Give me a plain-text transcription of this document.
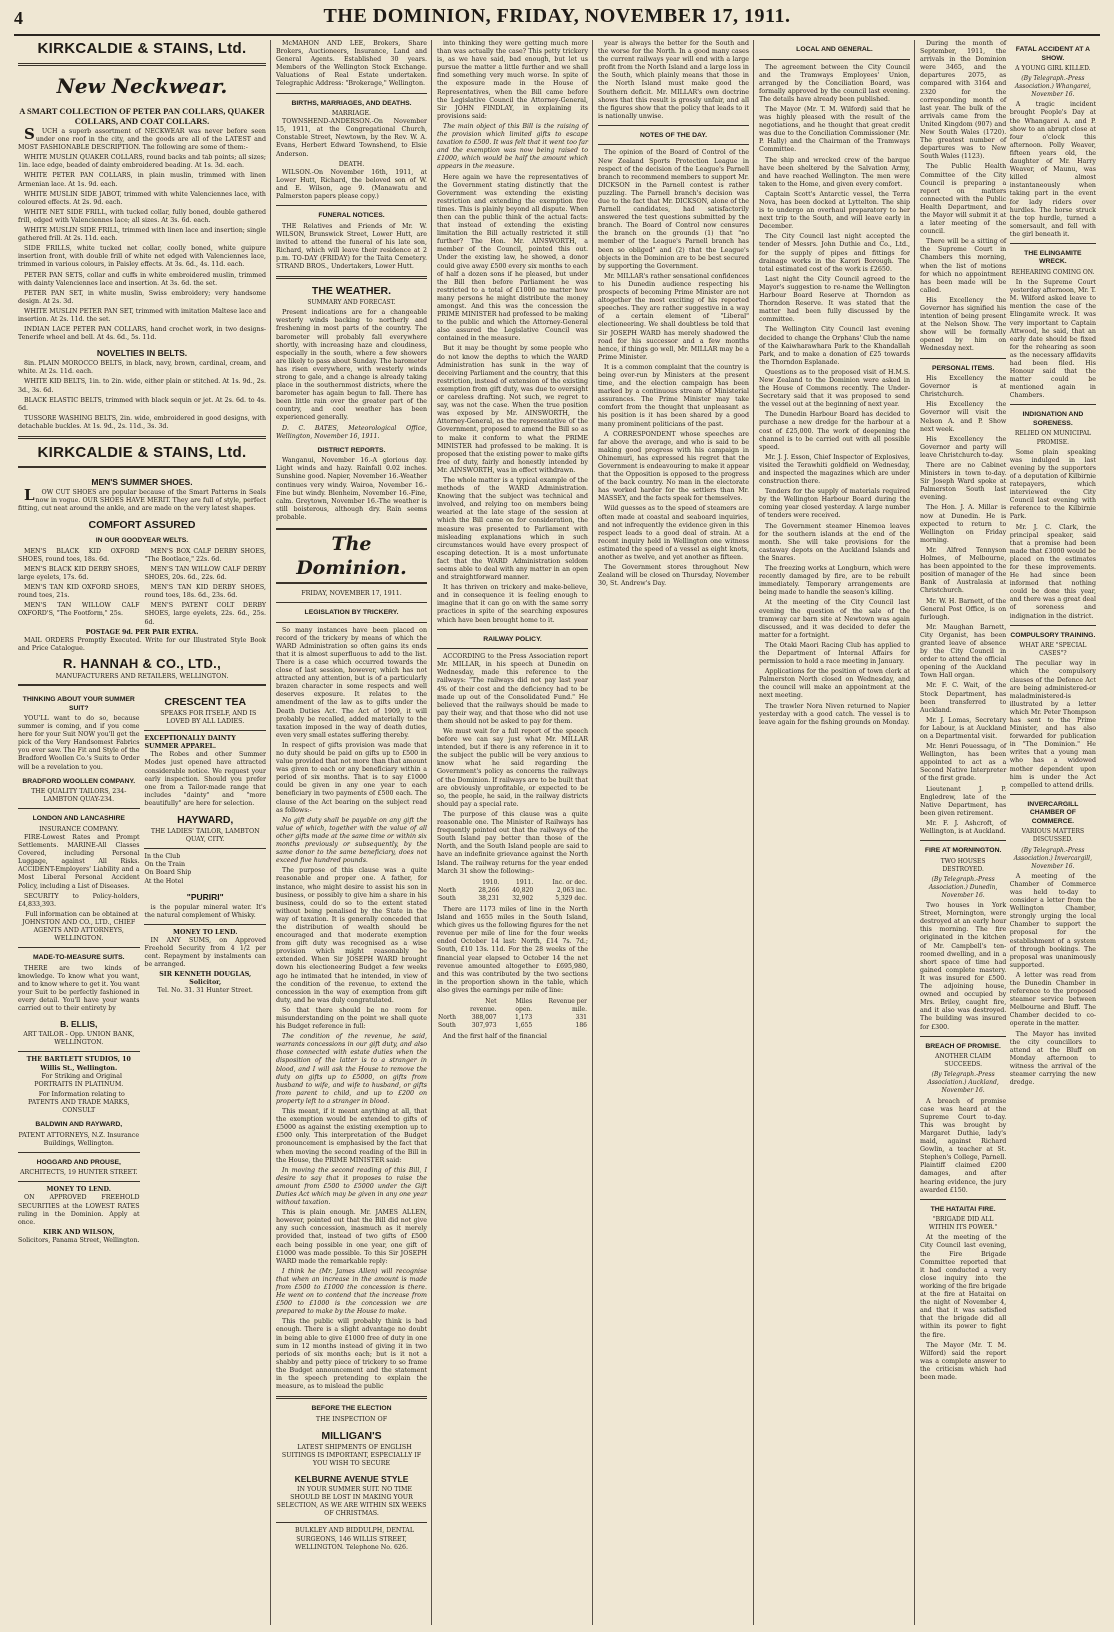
4	THE DOMINION, FRIDAY, NOVEMBER 17, 1911.
KIRKCALDIE & STAINS, Ltd.
New Neckwear.
A SMART COLLECTION OF PETER PAN COLLARS, QUAKER COLLARS, AND COAT COLLARS.

SUCH a superb assortment of NECKWEAR was never before seen under one roof in the city, and the goods are all of the LATEST and MOST FASHIONABLE DESCRIPTION. The following are some of them:-

WHITE MUSLIN QUAKER COLLARS, round backs and tab points; all sizes; 1in. lace edge, beaded of dainty embroidered beading. At 1s. 3d. each.

WHITE PETER PAN COLLARS, in plain muslin, trimmed with linen Armenian lace. At 1s. 9d. each.

WHITE MUSLIN SIDE JABOT, trimmed with white Valenciennes lace, with coloured effects. At 2s. 9d. each.

WHITE NET SIDE FRILL, with tucked collar, fully boned, double gathered frill, edged with Valenciennes lace; all sizes. At 3s. 6d. each.

WHITE MUSLIN SIDE FRILL, trimmed with linen lace and insertion; single gathered frill. At 2s. 11d. each.

SIDE FRILLS, white tucked net collar, coolly boned, white guipure insertion front, with double frill of white net edged with Valenciennes lace, trimmed in various colours, in Paisley effects. At 3s. 6d., 4s. 11d. each.

PETER PAN SETS, collar and cuffs in white embroidered muslin, trimmed with dainty Valenciennes lace and insertion. At 3s. 6d. the set.

PETER PAN SET, in white muslin, Swiss embroidery; very handsome design. At 2s. 3d.

WHITE MUSLIN PETER PAN SET, trimmed with imitation Maltese lace and insertion. At 2s. 11d. the set.

INDIAN LACE PETER PAN COLLARS, hand crochet work, in two designs-Tenerife wheel and bell. At 4s. 6d., 5s. 11d.

NOVELTIES IN BELTS.

8in. PLAIN MOROCCO BELTS, in black, navy, brown, cardinal, cream, and white. At 2s. 11d. each.

WHITE KID BELTS, 1in. to 2in. wide, either plain or stitched. At 1s. 9d., 2s. 3d., 3s. 6d.

BLACK ELASTIC BELTS, trimmed with black sequin or jet. At 2s. 6d. to 4s. 6d.

TUSSORE WASHING BELTS, 2in. wide, embroidered in good designs, with detachable buckles. At 1s. 9d., 2s. 11d., 3s. 3d.

KIRKCALDIE & STAINS, Ltd.
MEN'S SUMMER SHOES.

LOW CUT SHOES are popular because of the Smart Patterns in Seals now in vogue. OUR SHOES HAVE MERIT. They are full of style, perfect fitting, cut neat around the ankle, and are made on the very latest shapes.

COMFORT ASSURED
IN OUR GOODYEAR WELTS.

MEN'S BLACK KID OXFORD SHOES, round toes, 18s. 6d.

MEN'S BLACK KID DERBY SHOES, large eyelets, 17s. 6d.

MEN'S TAN KID OXFORD SHOES, round toes, 21s.

MEN'S TAN WILLOW CALF OXFORD'S, "The Footform," 25s.

MEN'S BOX CALF DERBY SHOES, "The Bootlace," 22s. 6d.

MEN'S TAN WILLOW CALF DERBY SHOES, 20s. 6d., 22s. 6d.

MEN'S TAN KID DERBY SHOES, round toes, 18s. 6d., 23s. 6d.

MEN'S PATENT COLT DERBY SHOES, large eyelets, 22s. 6d., 25s. 6d.

POSTAGE 9d. PER PAIR EXTRA.

MAIL ORDERS Promptly Executed. Write for our Illustrated Style Book and Price Catalogue.

R. HANNAH & CO., LTD.,
MANUFACTURERS AND RETAILERS, WELLINGTON.
THINKING ABOUT YOUR SUMMER SUIT?

YOU'LL want to do so, because summer is coming, and if you come here for your Suit NOW you'll get the pick of the Very Handsomest Fabrics you ever saw. The Fit and Style of the Bradford Woollen Co.'s Suits to Order will be a revelation to you.

BRADFORD WOOLLEN COMPANY.
THE QUALITY TAILORS, 234-LAMBTON QUAY-234.
LONDON AND LANCASHIRE
INSURANCE COMPANY.

FIRE-Lowest Rates and Prompt Settlements. MARINE-All Classes Covered, including Personal Luggage, against All Risks. ACCIDENT-Employers' Liability and a Most Liberal Personal Accident Policy, including a List of Diseases.

SECURITY to Policy-holders, £4,833,393.

Full information can be obtained at JOHNSTON AND CO., LTD., CHIEF AGENTS AND ATTORNEYS, WELLINGTON.

MADE-TO-MEASURE SUITS.

THERE are two kinds of knowledge. To know what you want, and to know where to get it. You want your Suit to be perfectly fashioned in every detail. You'll have your wants carried out to their entirety by

B. ELLIS,
ART TAILOR - Opp. UNION BANK, WELLINGTON.
THE BARTLETT STUDIOS, 10 Willis St., Wellington.

For Striking and Original PORTRAITS IN PLATINUM.

For Information relating to PATENTS AND TRADE MARKS, CONSULT

BALDWIN AND RAYWARD,
PATENT ATTORNEYS, N.Z. Insurance Buildings, Wellington.
HOGGARD AND PROUSE,
ARCHITECTS, 19 HUNTER STREET.
MONEY TO LEND.

ON APPROVED FREEHOLD SECURITIES at the LOWEST RATES ruling in the Dominion. Apply at once.

KIRK AND WILSON,
Solicitors, Panama Street, Wellington.
CRESCENT TEA

SPEAKS FOR ITSELF, AND IS LOVED BY ALL LADIES.

EXCEPTIONALLY DAINTY SUMMER APPAREL.

The Robes and other Summer Modes just opened have attracted considerable notice. We request your early inspection. Should you prefer one from a Tailor-made range that includes "dainty" and "more beautifully" are here for selection.

HAYWARD,
THE LADIES' TAILOR, LAMBTON QUAY, CITY.
In the Club
On the Train
On Board Ship
At the Hotel
"PURIRI"

is the popular mineral water. It's the natural complement of Whisky.

MONEY TO LEND.

IN ANY SUMS, on Approved Freehold Security from 4 1/2 per cent. Repayment by instalments can be arranged.

SIR KENNETH DOUGLAS, Solicitor,
Tel. No. 31. 31 Hunter Street.

McMAHON AND LEE, Brokers, Share Brokers, Auctioneers, Insurance, Land and General Agents. Established 30 years. Members of the Wellington Stock Exchange. Valuations of Real Estate undertaken. Telegraphic Address: "Brokerage," Wellington.

BIRTHS, MARRIAGES, AND DEATHS.
MARRIAGE.

TOWNSHEND-ANDERSON.-On November 15, 1911, at the Congregational Church, Constable Street, Newtown, by the Rev. W. A. Evans, Herbert Edward Townshend, to Elsie Anderson.

DEATH.

WILSON.-On November 16th, 1911, at Lower Hutt, Richard, the beloved son of W. and E. Wilson, age 9. (Manawatu and Palmerston papers please copy.)

FUNERAL NOTICES.

THE Relatives and Friends of Mr. W. WILSON, Brunswick Street, Lower Hutt, are invited to attend the funeral of his late son, Richard, which will leave their residence at 2 p.m. TO-DAY (FRIDAY) for the Taita Cemetery. STRAND BROS., Undertakers, Lower Hutt.

THE WEATHER.
SUMMARY AND FORECAST.

Present indications are for a changeable westerly winds backing to northerly and freshening in most parts of the country. The barometer will probably fall everywhere shortly, with increasing haze and cloudiness, especially in the south, where a few showers are likely to pass about Sunday. The barometer has risen everywhere, with westerly winds strong to gale, and a change is already taking place in the southernmost districts, where the barometer has again begun to fall. There has been little rain over the greater part of the country, and cool weather has been experienced generally.

D. C. BATES, Meteorological Office, Wellington, November 16, 1911.

DISTRICT REPORTS.

Wanganui, November 16.-A glorious day. Light winds and hazy. Rainfall 0.02 inches. Sunshine good. Napier, November 16.-Weather continues very windy. Wairoa, November 16.-Fine but windy. Blenheim, November 16.-Fine, calm. Greytown, November 16.-The weather is still boisterous, although dry. Rain seems probable.

The Dominion.
FRIDAY, NOVEMBER 17, 1911.
LEGISLATION BY TRICKERY.

So many instances have been placed on record of the trickery by means of which the WARD Administration so often gains its ends that it is almost superfluous to add to the list. There is a case which occurred towards the close of last session, however, which has not attracted any attention, but is of a particularly brazen character in some respects and well deserves exposure. It relates to the amendment of the law as to gifts under the Death Duties Act. The Act of 1909, it will probably be recalled, added materially to the taxation imposed in the way of death duties, even very small estates suffering thereby.

In respect of gifts provision was made that no duty should be paid on gifts up to £500 in value provided that not more than that amount was given to each or any beneficiary within a period of six months. That is to say £1000 could be given in any one year to each beneficiary in two payments of £500 each. The clause of the Act bearing on the subject read as follows:-

No gift duty shall be payable on any gift the value of which, together with the value of all other gifts made at the same time or within six months previously or subsequently, by the same donor to the same beneficiary, does not exceed five hundred pounds.

The purpose of this clause was a quite reasonable and proper one. A father, for instance, who might desire to assist his son in business, or possibly to give him a share in his business, could do so to the extent stated without being penalised by the State in the way of taxation. It is generally conceded that the distribution of wealth should be encouraged and that moderate exemption from gift duty was recognised as a wise provision which might reasonably be extended. When Sir JOSEPH WARD brought down his electioneering Budget a few weeks ago he intimated that he intended, in view of the condition of the revenue, to extend the concession in the way of exemption from gift duty, and he was duly congratulated.

So that there should be no room for misunderstanding on the point we shall quote his Budget reference in full:

The condition of the revenue, he said, warrants concessions in our gift duty, and also those connected with estate duties when the disposition of the latter is to a stranger in blood, and I will ask the House to remove the duty on gifts up to £5000, on gifts from husband to wife, and wife to husband, or gifts from parent to child, and up to £200 on property left to a stranger in blood.

This meant, if it meant anything at all, that the exemption would be extended to gifts of £5000 as against the existing exemption up to £500 only. This interpretation of the Budget pronouncement is emphasised by the fact that when moving the second reading of the Bill in the House, the PRIME MINISTER said:

In moving the second reading of this Bill, I desire to say that it proposes to raise the amount from £500 to £5000 under the Gift Duties Act which may be given in any one year without taxation.

This is plain enough. Mr. JAMES ALLEN, however, pointed out that the Bill did not give any such concession, inasmuch as it merely provided that, instead of two gifts of £500 each being possible in one year, one gift of £1000 was made possible. To this Sir JOSEPH WARD made the remarkable reply:

I think he (Mr. James Allen) will recognise that when an increase in the amount is made from £500 to £1000 the concession is there. He went on to contend that the increase from £500 to £1000 is the concession we are prepared to make by the House to make.

This the public will probably think is bad enough. There is a slight advantage no doubt in being able to give £1000 free of duty in one sum in 12 months instead of giving it in two periods of six months each; but is it not a shabby and petty piece of trickery to so frame the Budget announcement and the statement in the speech pretending to explain the measure, as to mislead the public

BEFORE THE ELECTION
THE INSPECTION OF
MILLIGAN'S

LATEST SHIPMENTS OF ENGLISH SUITINGS IS IMPORTANT, ESPECIALLY IF YOU WISH TO SECURE

KELBURNE AVENUE STYLE

IN YOUR SUMMER SUIT. NO TIME SHOULD BE LOST IN MAKING YOUR SELECTION, AS WE ARE WITHIN SIX WEEKS OF CHRISTMAS.

BULKLEY AND BIDDULPH, DENTAL SURGEONS, 146 WILLIS STREET, WELLINGTON. Telephone No. 626.

into thinking they were getting much more than was actually the case? This petty trickery is, as we have said, bad enough, but let us pursue the matter a little further and we shall find something very much worse. In spite of the exposure made in the House of Representatives, when the Bill came before the Legislative Council the Attorney-General, Sir JOHN FINDLAY, in explaining its provisions said:

The main object of this Bill is the raising of the provision which limited gifts to escape taxation to £500. It was felt that it went too far and the exemption was now being raised to £1000, which would be half the amount which appears in the measure.

Here again we have the representatives of the Government stating distinctly that the Government was extending the existing restriction and extending the exemption five times. This is plainly beyond all dispute. When then can the public think of the actual facts: that instead of extending the existing limitation the Bill actually restricted it still further? The Hon. Mr. AINSWORTH, a member of the Council, pointed this out. Under the existing law, he showed, a donor could give away £500 every six months to each of half a dozen sons if he pleased, but under the Bill then before Parliament he was restricted to a total of £1000 no matter how many persons he might distribute the money amongst. And this was the concession the PRIME MINISTER had professed to be making to the public and which the Attorney-General also assured the Legislative Council was contained in the measure.

But it may be thought by some people who do not know the depths to which the WARD Administration has sunk in the way of deceiving Parliament and the country, that this restriction, instead of extension of the existing exemption from gift duty, was due to oversight or careless drafting. Not such, we regret to say, was not the case. When the true position was exposed by Mr. AINSWORTH, the Attorney-General, as the representative of the Government, proposed to amend the Bill so as to make it conform to what the PRIME MINISTER had professed to be making. It is proposed that the existing power to make gifts free of duty, fairly and honestly intended by Mr. AINSWORTH, was in effect withdrawn.

The whole matter is a typical example of the methods of the WARD Administration. Knowing that the subject was technical and involved, and relying too on members being wearied at the late stage of the session at which the Bill came on for consideration, the measure was presented to Parliament with misleading explanations which in such circumstances would have every prospect of escaping detection. It is a most unfortunate fact that the WARD Administration seldom seems able to deal with any matter in an open and straightforward manner.

It has thriven on trickery and make-believe, and in consequence it is feeling enough to imagine that it can go on with the same sorry practices in spite of the searching exposures which have been brought home to it.

RAILWAY POLICY.

ACCORDING to the Press Association report Mr. MILLAR, in his speech at Dunedin on Wednesday, made this reference to the railways: "The railways did not pay last year 4% of their cost and the deficiency had to be made up out of the Consolidated Fund." He believed that the railways should be made to pay their way, and that those who did not use them should not be asked to pay for them.

We must wait for a full report of the speech before we can say just what Mr. MILLAR intended, but if there is any reference in it to the subject the public will be very anxious to know what he said regarding the Government's policy as concerns the railways of the Dominion. If railways are to be built that are obviously unprofitable, or expected to be so, the people, he said, in the railway districts should pay a special rate.

The purpose of this clause was a quite reasonable one. The Minister of Railways has frequently pointed out that the railways of the South Island pay better than those of the North, and the South Island people are said to have an indefinite grievance against the North Island. The railway returns for the year ended March 31 show the following:-

	1910.	1911.	Inc. or dec.
North	28,266	40,820	2,063 inc.
South	38,231	32,902	5,329 dec.

There are 1173 miles of line in the North Island and 1655 miles in the South Island, which gives us the following figures for the net revenue per mile of line for the four weeks ended October 14 last: North, £14 7s. 7d.; South, £10 13s. 11d. For the 28 weeks of the financial year elapsed to October 14 the net revenue amounted altogether to £695,980, and this was contributed by the two sections in the proportion shown in the table, which also gives the earnings per mile of line:

	Net revenue.	Miles open.	Revenue per mile.
North	388,007	1,173	331
South	307,973	1,655	186

And the first half of the financial

year is always the better for the South and the worse for the North. In a good many cases the current railways year will end with a large profit from the North Island and a large loss in the South, which plainly means that those in the North Island must make good the Southern deficit. Mr. MILLAR's own doctrine shows that this result is grossly unfair, and all the figures show that the policy that leads to it is nationally unwise.

NOTES OF THE DAY.

The opinion of the Board of Control of the New Zealand Sports Protection League in respect of the decision of the League's Parnell branch to recommend members to support Mr. DICKSON in the Parnell contest is rather puzzling. The Parnell branch's decision was due to the fact that Mr. DICKSON, alone of the Parnell candidates, had satisfactorily answered the test questions submitted by the branch. The Board of Control now censures the branch on the grounds (1) that "no member of the League's Parnell branch has been so obliged" and (2) that the League's objects in the Dominion are to be best secured by supporting the Government.

Mr. MILLAR's rather sensational confidences to his Dunedin audience respecting his prospects of becoming Prime Minister are not altogether the most exciting of his reported speeches. They are rather suggestive in a way of a certain element of "Liberal" electioneering. We shall doubtless be told that Sir JOSEPH WARD has merely shadowed the road for his successor and a few months hence, if things go well, Mr. MILLAR may be a Prime Minister.

It is a common complaint that the country is being over-run by Ministers at the present time, and the election campaign has been marked by a continuous stream of Ministerial assurances. The Prime Minister may take comfort from the thought that unpleasant as his position is it has been shared by a good many prominent politicians of the past.

A CORRESPONDENT whose speeches are far above the average, and who is said to be making good progress with his campaign in Ohinemuri, has expressed his regret that the Government is endeavouring to make it appear that the Opposition is opposed to the progress of the back country. No man in the electorate has worked harder for the settlers than Mr. MASSEY, and the facts speak for themselves.

Wild guesses as to the speed of steamers are often made at coastal and seaboard inquiries, and not infrequently the evidence given in this respect leads to a good deal of strain. At a recent inquiry held in Wellington one witness estimated the speed of a vessel as eight knots, another as twelve, and yet another as fifteen.

The Government stores throughout New Zealand will be closed on Thursday, November 30, St. Andrew's Day.

LOCAL AND GENERAL.

The agreement between the City Council and the Tramways Employees' Union, arranged by the Conciliation Board, was formally approved by the council last evening. The details have already been published.

The Mayor (Mr. T. M. Wilford) said that he was highly pleased with the result of the negotiations, and he thought that great credit was due to the Conciliation Commissioner (Mr. P. Hally) and the Chairman of the Tramways Committee.

The ship and wrecked crew of the barque have been sheltered by the Salvation Army, and have reached Wellington. The men were taken to the Home, and given every comfort.

Captain Scott's Antarctic vessel, the Terra Nova, has been docked at Lyttelton. The ship is to undergo an overhaul preparatory to her next trip to the South, and will leave early in December.

The City Council last night accepted the tender of Messrs. John Duthie and Co., Ltd., for the supply of pipes and fittings for drainage works in the Karori Borough. The total estimated cost of the work is £2650.

Last night the City Council agreed to the Mayor's suggestion to re-name the Wellington Harbour Board Reserve at Thorndon as Thorndon Reserve. It was stated that the matter had been fully discussed by the committee.

The Wellington City Council last evening decided to change the Orphans' Club the name of the Kaiwharawhara Park to the Khandallah Park, and to make a donation of £25 towards the Thorndon Esplanade.

Questions as to the proposed visit of H.M.S. New Zealand to the Dominion were asked in the House of Commons recently. The Under-Secretary said that it was proposed to send the vessel out at the beginning of next year.

The Dunedin Harbour Board has decided to purchase a new dredge for the harbour at a cost of £25,000. The work of deepening the channel is to be carried out with all possible speed.

Mr. J. J. Esson, Chief Inspector of Explosives, visited the Terawhiti goldfield on Wednesday, and inspected the magazines which are under construction there.

Tenders for the supply of materials required by the Wellington Harbour Board during the coming year closed yesterday. A large number of tenders were received.

The Government steamer Hinemoa leaves for the southern islands at the end of the month. She will take provisions for the castaway depots on the Auckland Islands and the Snares.

The freezing works at Longburn, which were recently damaged by fire, are to be rebuilt immediately. Temporary arrangements are being made to handle the season's killing.

At the meeting of the City Council last evening the question of the sale of the tramway car barn site at Newtown was again discussed, and it was decided to defer the matter for a fortnight.

The Otaki Maori Racing Club has applied to the Department of Internal Affairs for permission to hold a race meeting in January.

Applications for the position of town clerk at Palmerston North closed on Wednesday, and the council will make an appointment at the next meeting.

The trawler Nora Niven returned to Napier yesterday with a good catch. The vessel is to leave again for the fishing grounds on Monday.

During the month of September, 1911, the arrivals in the Dominion were 3465, and the departures 2075, as compared with 3164 and 2320 for the corresponding month of last year. The bulk of the arrivals came from the United Kingdom (907) and New South Wales (1720). The greatest number of departures was to New South Wales (1123).

The Public Health Committee of the City Council is preparing a report on matters connected with the Public Health Department, and the Mayor will submit it at a later meeting of the council.

There will be a sitting of the Supreme Court in Chambers this morning, when the list of motions for which no appointment has been made will be called.

His Excellency the Governor has signified his intention of being present at the Nelson Show. The show will be formally opened by him on Wednesday next.

PERSONAL ITEMS.

His Excellency the Governor is at Christchurch.

His Excellency the Governor will visit the Nelson A. and P. Show next week.

His Excellency the Governor and party will leave Christchurch to-day.

There are no Cabinet Ministers in town to-day. Sir Joseph Ward spoke at Palmerston South last evening.

The Hon. J. A. Millar is now at Dunedin. He is expected to return to Wellington on Friday morning.

Mr. Alfred Tennyson Holmes, of Melbourne, has been appointed to the position of manager of the Bank of Australasia at Christchurch.

Mr. W. H. Barnett, of the General Post Office, is on furlough.

Mr. Maughan Barnett, City Organist, has been granted leave of absence by the City Council in order to attend the official opening of the Auckland Town Hall organ.

Mr. F. C. Wait, of the Stock Department, has been transferred to Auckland.

Mr. J. Lomas, Secretary for Labour, is at Auckland on a Departmental visit.

Mr. Henri Pouessagu, of Wellington, has been appointed to act as a Second Native Interpreter of the first grade.

Lieutenant J. P. Engledrew, late of the Native Department, has been given retirement.

Mr. F. J. Ashcroft, of Wellington, is at Auckland.

FIRE AT MORNINGTON.
TWO HOUSES DESTROYED.
(By Telegraph.-Press Association.) Dunedin, November 16.

Two houses in York Street, Mornington, were destroyed at an early hour this morning. The fire originated in the kitchen of Mr. Campbell's ten-roomed dwelling, and in a short space of time had gained complete mastery. It was insured for £500. The adjoining house, owned and occupied by Mrs. Briley, caught fire, and it also was destroyed. The building was insured for £300.

BREACH OF PROMISE.
ANOTHER CLAIM SUCCEEDS.
(By Telegraph.-Press Association.) Auckland, November 16.

A breach of promise case was heard at the Supreme Court to-day. This was brought by Margaret Duthie, lady's maid, against Richard Gowlin, a teacher at St. Stephen's College, Parnell. Plaintiff claimed £200 damages, and after hearing evidence, the jury awarded £150.

THE HATAITAI FIRE.
"BRIGADE DID ALL WITHIN ITS POWER."

At the meeting of the City Council last evening, the Fire Brigade Committee reported that it had conducted a very close inquiry into the working of the fire brigade at the fire at Hataitai on the night of November 4, and that it was satisfied that the brigade did all within its power to fight the fire.

The Mayor (Mr. T. M. Wilford) said the report was a complete answer to the criticism which had been made.

FATAL ACCIDENT AT A SHOW.
A YOUNG GIRL KILLED.
(By Telegraph.-Press Association.) Whangarei, November 16.

A tragic incident brought People's Day at the Whangarei A. and P. show to an abrupt close at four o'clock this afternoon. Polly Weaver, fifteen years old, the daughter of Mr. Harry Weaver, of Maunu, was killed almost instantaneously when taking part in the event for lady riders over hurdles. The horse struck the top hurdle, turned a somersault, and fell with the girl beneath it.

THE ELINGAMITE WRECK.
REHEARING COMING ON.

In the Supreme Court yesterday afternoon, Mr. T. M. Wilford asked leave to mention the case of the Elingamite wreck. It was very important to Captain Attwood, he said, that an early date should be fixed for the rehearing as soon as the necessary affidavits had been filed. His Honour said that the matter could be mentioned again in Chambers.

INDIGNATION AND SORENESS.
RELIED ON MUNICIPAL PROMISE.

Some plain speaking was indulged in last evening by the supporters of a deputation of Kilbirnie ratepayers, which interviewed the City Council last evening with reference to the Kilbirnie Park.

Mr. J. C. Clark, the principal speaker, said that a promise had been made that £3000 would be placed on the estimates for these improvements. He had since been informed that nothing could be done this year, and there was a great deal of soreness and indignation in the district.

COMPULSORY TRAINING.
WHAT ARE "SPECIAL CASES"?

The peculiar way in which the compulsory clauses of the Defence Act are being administered-or maladministered-is illustrated by a letter which Mr. Peter Thompson has sent to the Prime Minister, and has also forwarded for publication in "The Dominion." He writes that a young man who has a widowed mother dependent upon him is under the Act compelled to attend drills.

INVERCARGILL CHAMBER OF COMMERCE.
VARIOUS MATTERS DISCUSSED.
(By Telegraph.-Press Association.) Invercargill, November 16.

A meeting of the Chamber of Commerce was held to-day to consider a letter from the Wellington Chamber, strongly urging the local Chamber to support the proposal for the establishment of a system of through bookings. The proposal was unanimously supported.

A letter was read from the Dunedin Chamber in reference to the proposed steamer service between Melbourne and Bluff. The Chamber decided to co-operate in the matter.

The Mayor has invited the city councillors to attend at the Bluff on Monday afternoon to witness the arrival of the steamer carrying the new dredge.
